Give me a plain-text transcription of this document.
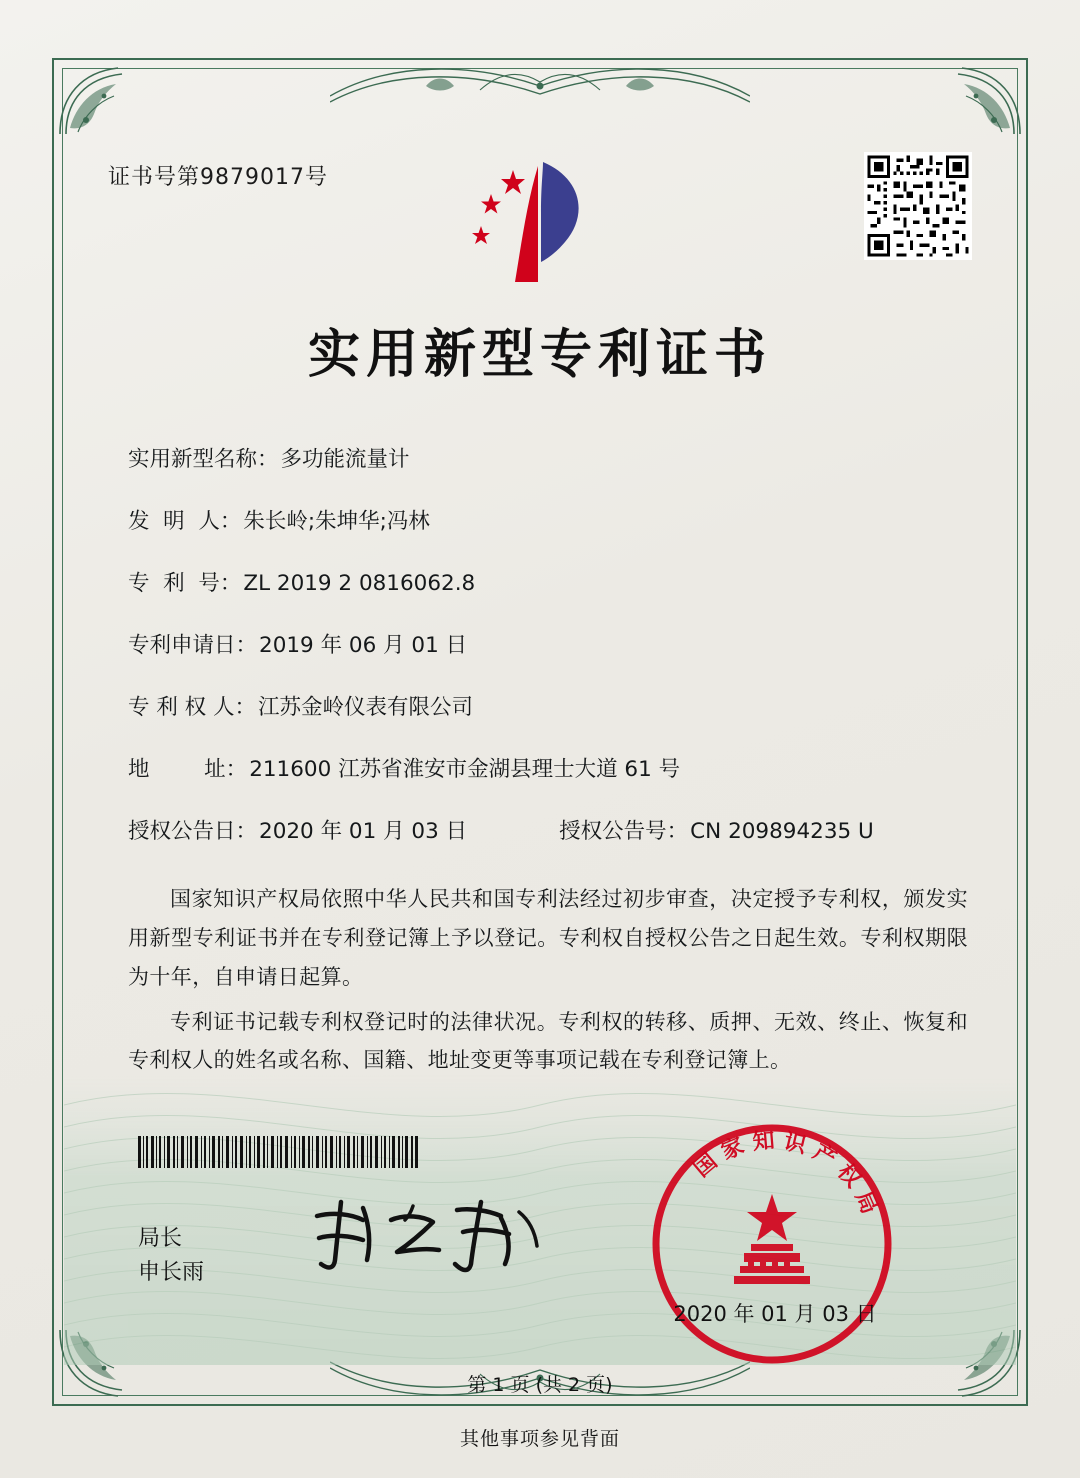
证书号第9879017号
实用新型专利证书
实用新型名称： 多功能流量计
发  明  人： 朱长岭;朱坤华;冯林
专  利  号： ZL 2019 2 0816062.8
专利申请日： 2019 年 06 月 01 日
专 利 权 人： 江苏金岭仪表有限公司
地        址： 211600 江苏省淮安市金湖县理士大道 61 号
授权公告日： 2020 年 01 月 03 日	授权公告号： CN 209894235 U

国家知识产权局依照中华人民共和国专利法经过初步审查，决定授予专利权，颁发实用新型专利证书并在专利登记簿上予以登记。专利权自授权公告之日起生效。专利权期限为十年，自申请日起算。

专利证书记载专利权登记时的法律状况。专利权的转移、质押、无效、终止、恢复和专利权人的姓名或名称、国籍、地址变更等事项记载在专利登记簿上。

局长
申长雨
国 家 知 识 产 权 局
2020 年 01 月 03 日
第 1 页 (共 2 页)
其他事项参见背面
